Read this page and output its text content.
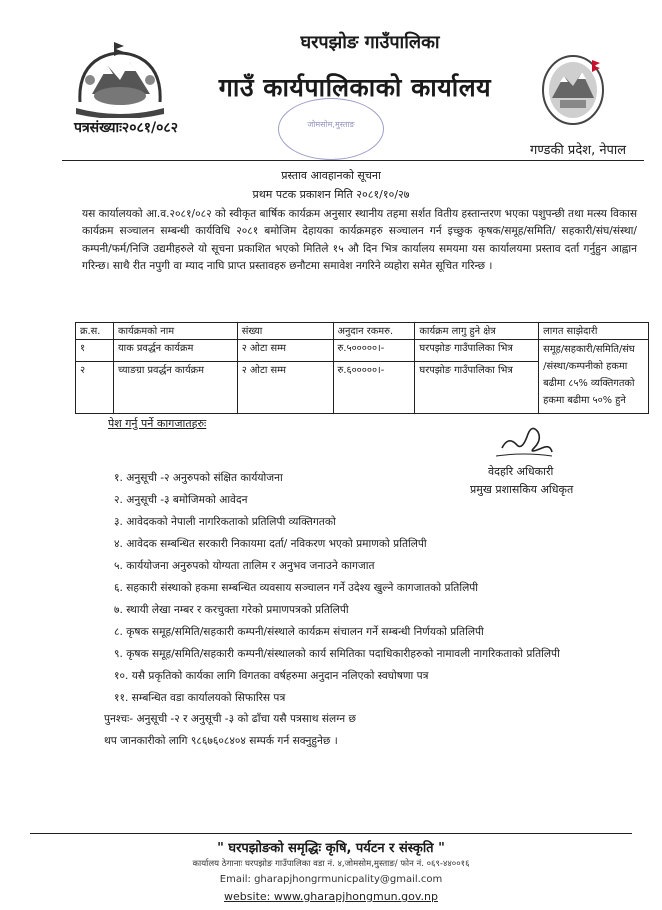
घरपझोङ गाउँपालिका
गाउँ कार्यपालिकाको कार्यालय
जोमसोम,मुस्ताङ
पत्रसंख्याः२०८१/०८२
गण्डकी प्रदेश, नेपाल
प्रस्ताव आवहानको सूचना
प्रथम पटक प्रकाशन मिति २०८१/१०/२७

यस कार्यालयको आ.व.२०८१/०८२ को स्वीकृत बार्षिक कार्यक्रम अनुसार स्थानीय तहमा सर्शत वितीय हस्तान्तरण भएका पशुपन्छी तथा मत्स्य विकास कार्यक्रम सञ्चालन सम्बन्धी कार्यविधि २०८१ बमोजिम देहायका कार्यक्रमहरु सञ्चालन गर्न इच्छुक कृषक/समूह/समिति/ सहकारी/संघ/संस्था/ कम्पनी/फर्म/निजि उद्यमीहरुले यो सूचना प्रकाशित भएको मितिले १५ औ दिन भित्र कार्यालय समयमा यस कार्यालयमा प्रस्ताव दर्ता गर्नुहुन आह्वान गरिन्छ। साथै रीत नपुगी वा म्याद नाघि प्राप्त प्रस्तावहरु छनौटमा समावेश नगरिने व्यहोरा समेत सूचित गरिन्छ ।

क्र.स.	कार्यक्रमको नाम	संख्या	अनुदान रकमरु.	कार्यक्रम लागु हुने क्षेत्र	लागत साझेदारी
१	याक प्रवर्द्धन कार्यक्रम	२ ओटा सम्म	रु.५०००००।-	घरपझोङ गाउँपालिका भित्र	समूह/सहकारी/समिति/संघ
/संस्था/कम्पनीको हकमा
बढीमा ८५% व्यक्तिगतको
हकमा बढीमा ५०% हुने

२	च्याङग्रा प्रवर्द्धन कार्यक्रम	२ ओटा सम्म	रु.६०००००।-	घरपझोङ गाउँपालिका भित्र	
पेश गर्नु पर्ने कागजातहरुः
वेदहरि अधिकारी
प्रमुख प्रशासकिय अधिकृत
१. अनुसूची -२ अनुरुपको संक्षित कार्ययोजना
२. अनुसूची -३ बमोजिमको आवेदन
३. आवेदकको नेपाली नागरिकताको प्रतिलिपी व्यक्तिगतको
४. आवेदक सम्बन्धित सरकारी निकायमा दर्ता/ नविकरण भएको प्रमाणको प्रतिलिपी
५. कार्ययोजना अनुरुपको योग्यता तालिम र अनुभव जनाउने कागजात
६. सहकारी संस्थाको हकमा सम्बन्धित व्यवसाय सञ्चालन गर्ने उदेश्य खुल्ने कागजातको प्रतिलिपी
७. स्थायी लेखा नम्बर र करचुक्ता गरेको प्रमाणपत्रको प्रतिलिपी
८. कृषक समूह/समिति/सहकारी कम्पनी/संस्थाले कार्यक्रम संचालन गर्ने सम्बन्धी निर्णयको प्रतिलिपी
९. कृषक समूह/समिति/सहकारी कम्पनी/संस्थालको कार्य समितिका पदाधिकारीहरुको नामावली नागरिकताको प्रतिलिपी
१०. यसै प्रकृतिको कार्यका लागि विगतका वर्षहरुमा अनुदान नलिएको स्वघोषणा पत्र
११. सम्बन्धित वडा कार्यालयको सिफारिस पत्र
पुनश्चः- अनुसूची -२ र अनुसूची -३ को ढाँचा यसै पत्रसाथ संलग्न छ
थप जानकारीको लागि ९८६७६०८४०४ सम्पर्क गर्न सक्नुहुनेछ ।
" घरपझोङको समृद्धिः कृषि, पर्यटन र संस्कृति "
कार्यालय ठेगानाः घरपझोङ गाउँपालिका वडा नं. ४,जोमसोम,मुस्ताङ/ फोन नं. ०६९-४४००१६
Email: gharapjhongrmunicpality@gmail.com
website: www.gharapjhongmun.gov.np
